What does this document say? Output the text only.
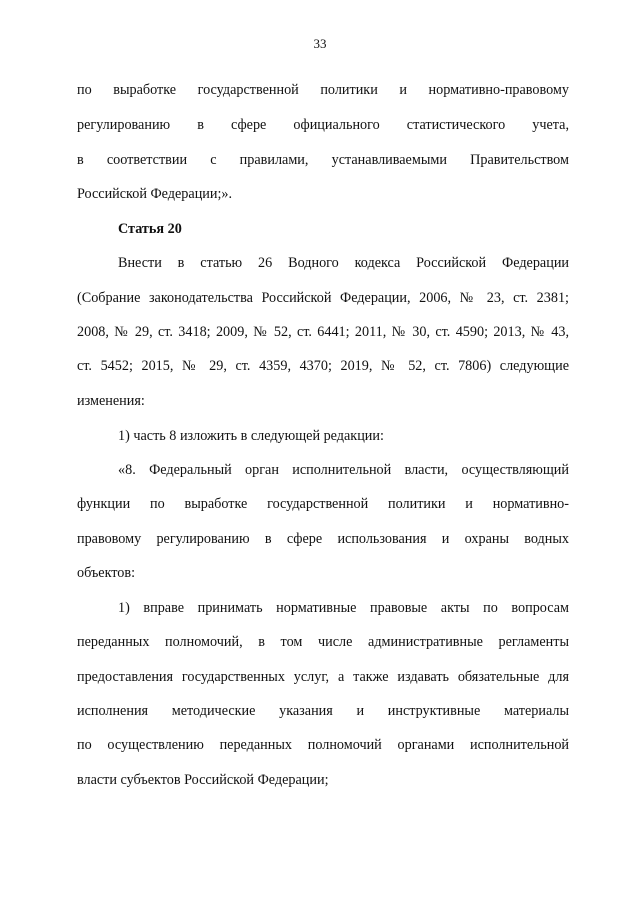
33
по выработке государственной политики и нормативно-правовому
регулированию в сфере официального статистического учета,
в соответствии с правилами, устанавливаемыми Правительством
Российской Федерации;».
Статья 20
Внести в статью 26 Водного кодекса Российской Федерации
(Собрание законодательства Российской Федерации, 2006, № 23, ст. 2381;
2008, № 29, ст. 3418; 2009, № 52, ст. 6441; 2011, № 30, ст. 4590; 2013, № 43,
ст. 5452; 2015, № 29, ст. 4359, 4370; 2019, № 52, ст. 7806) следующие
изменения:
1) часть 8 изложить в следующей редакции:
«8. Федеральный орган исполнительной власти, осуществляющий
функции по выработке государственной политики и нормативно-
правовому регулированию в сфере использования и охраны водных
объектов:
1) вправе принимать нормативные правовые акты по вопросам
переданных полномочий, в том числе административные регламенты
предоставления государственных услуг, а также издавать обязательные для
исполнения методические указания и инструктивные материалы
по осуществлению переданных полномочий органами исполнительной
власти субъектов Российской Федерации;
